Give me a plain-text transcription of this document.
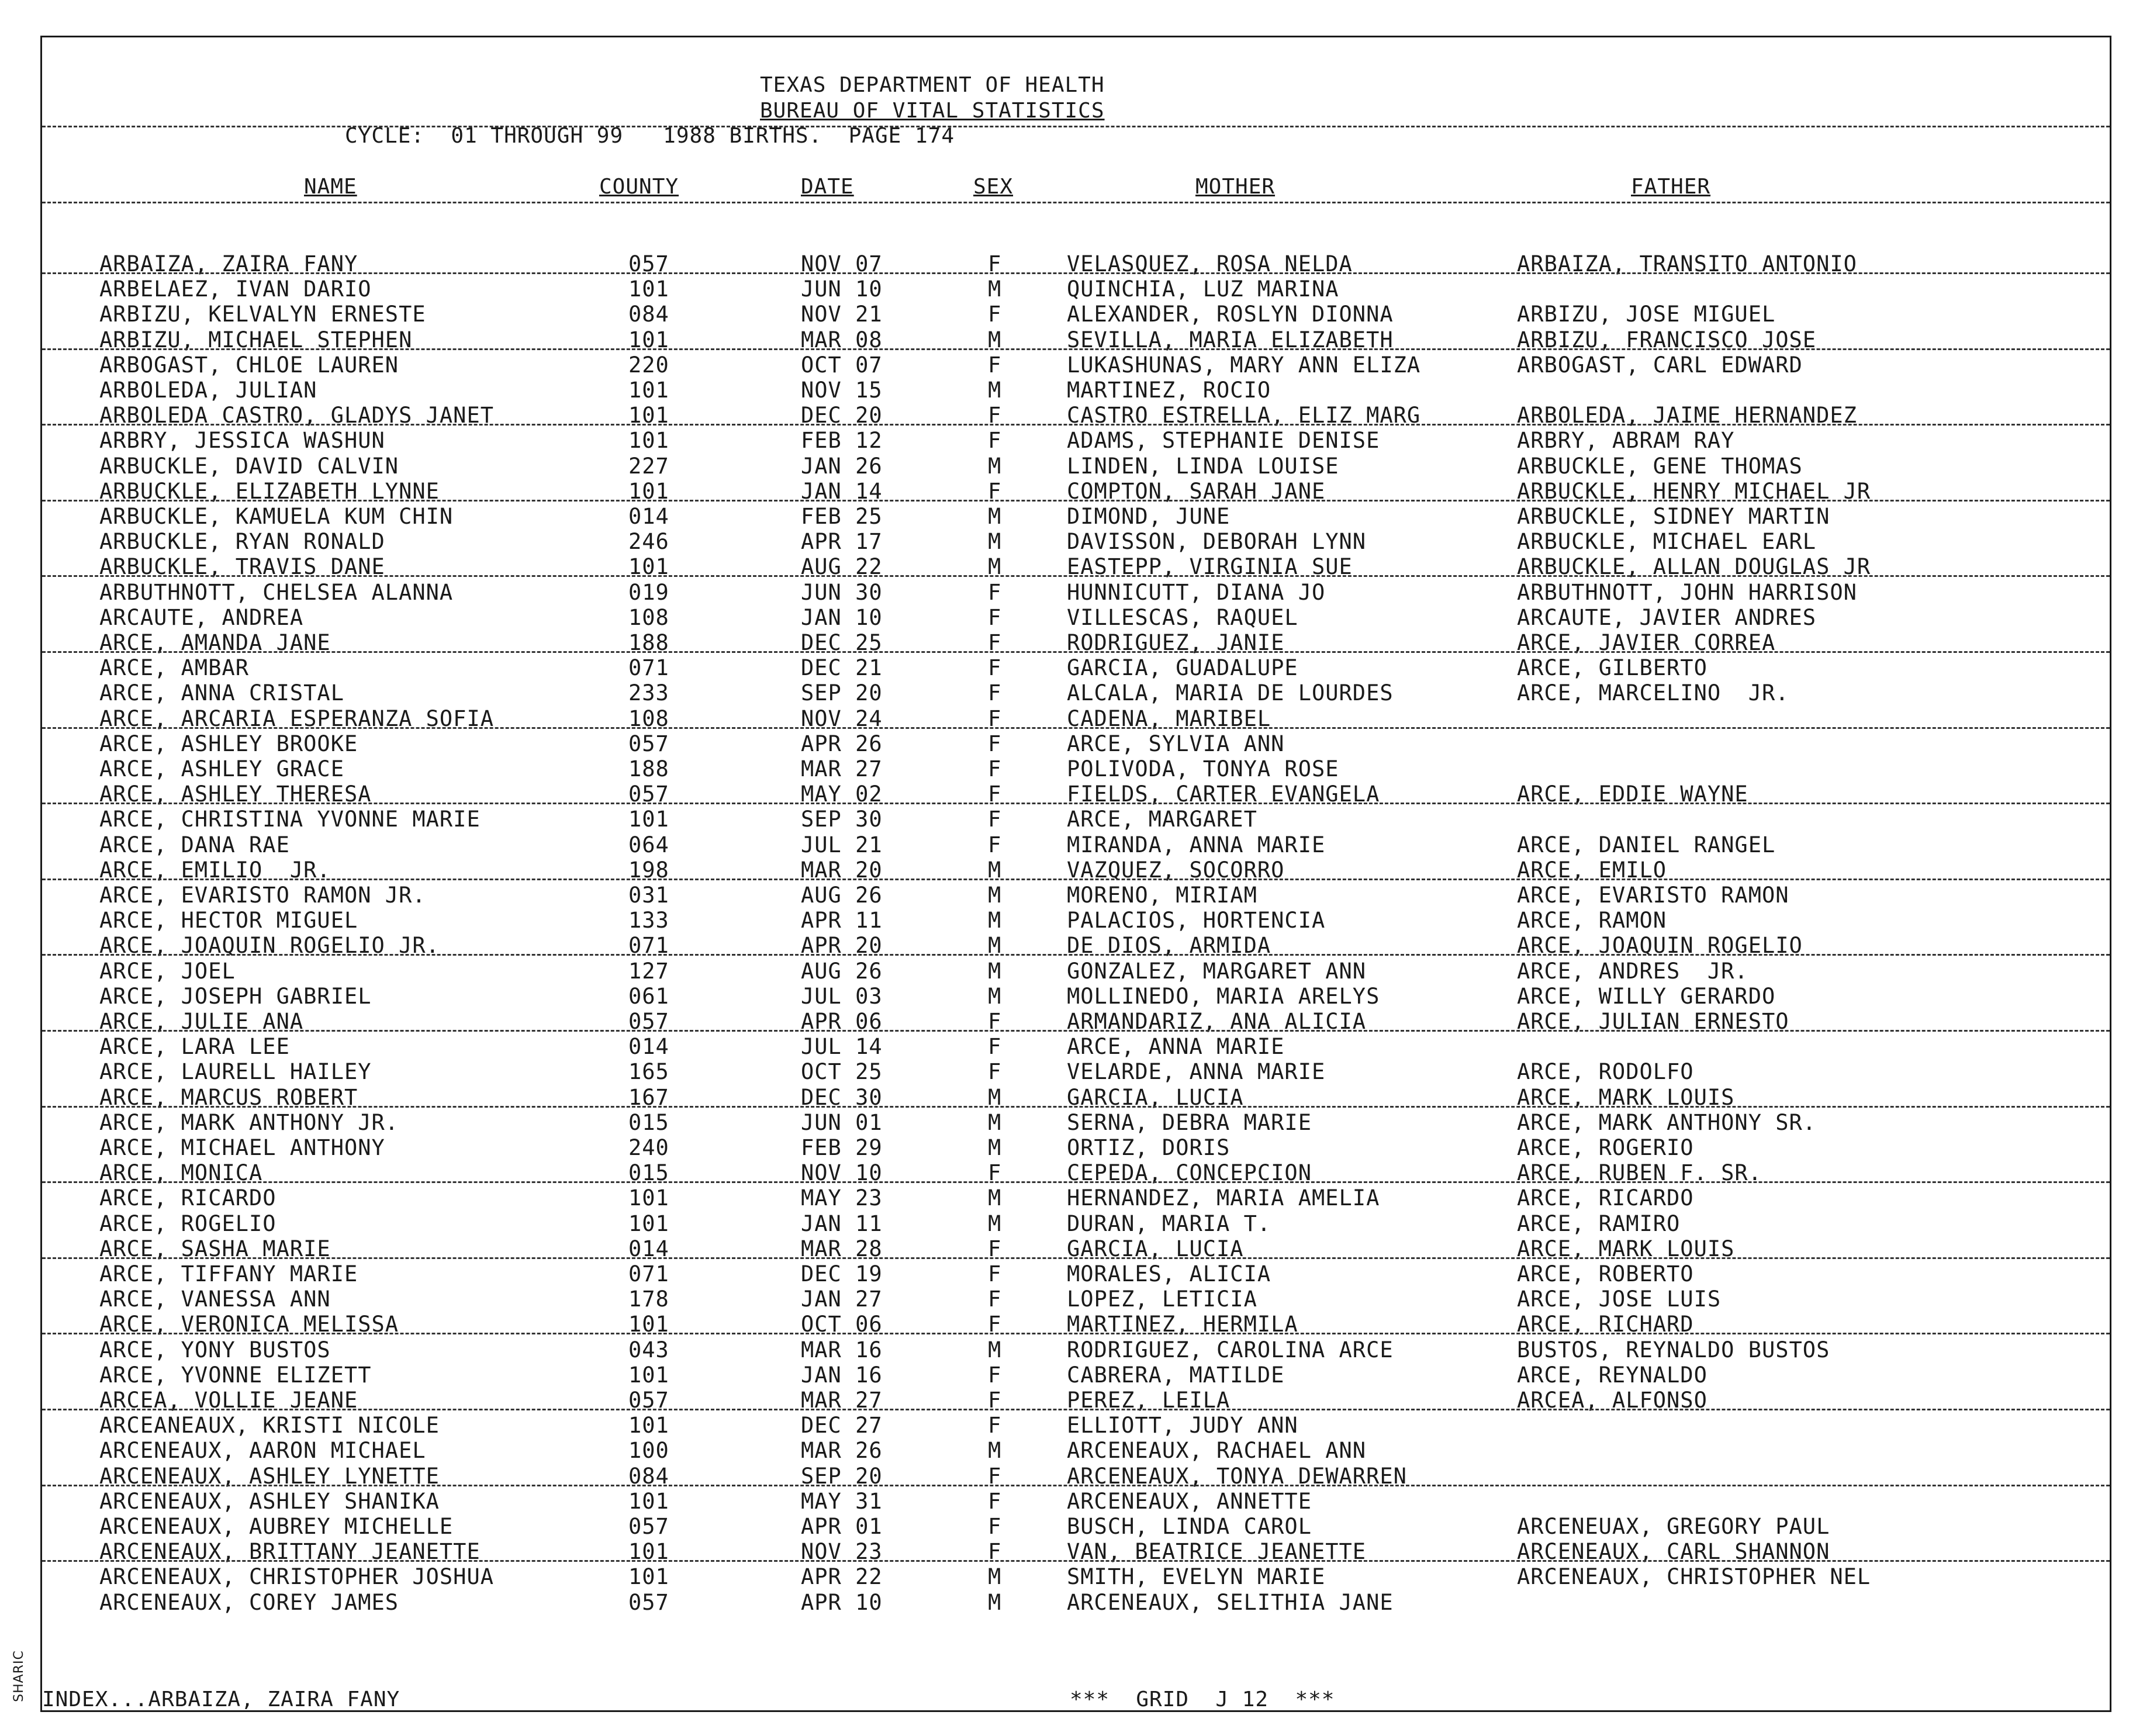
TEXAS DEPARTMENT OF HEALTH
BUREAU OF VITAL STATISTICS
CYCLE:  01 THROUGH 99   1988 BIRTHS.  PAGE 174
NAME	COUNTY	DATE	SEX	MOTHER	FATHER
ARBAIZA, ZAIRA FANY	057	NOV 07	F	VELASQUEZ, ROSA NELDA	ARBAIZA, TRANSITO ANTONIO
ARBELAEZ, IVAN DARIO	101	JUN 10	M	QUINCHIA, LUZ MARINA
ARBIZU, KELVALYN ERNESTE	084	NOV 21	F	ALEXANDER, ROSLYN DIONNA	ARBIZU, JOSE MIGUEL
ARBIZU, MICHAEL STEPHEN	101	MAR 08	M	SEVILLA, MARIA ELIZABETH	ARBIZU, FRANCISCO JOSE
ARBOGAST, CHLOE LAUREN	220	OCT 07	F	LUKASHUNAS, MARY ANN ELIZA	ARBOGAST, CARL EDWARD
ARBOLEDA, JULIAN	101	NOV 15	M	MARTINEZ, ROCIO
ARBOLEDA CASTRO, GLADYS JANET	101	DEC 20	F	CASTRO ESTRELLA, ELIZ MARG	ARBOLEDA, JAIME HERNANDEZ
ARBRY, JESSICA WASHUN	101	FEB 12	F	ADAMS, STEPHANIE DENISE	ARBRY, ABRAM RAY
ARBUCKLE, DAVID CALVIN	227	JAN 26	M	LINDEN, LINDA LOUISE	ARBUCKLE, GENE THOMAS
ARBUCKLE, ELIZABETH LYNNE	101	JAN 14	F	COMPTON, SARAH JANE	ARBUCKLE, HENRY MICHAEL JR
ARBUCKLE, KAMUELA KUM CHIN	014	FEB 25	M	DIMOND, JUNE	ARBUCKLE, SIDNEY MARTIN
ARBUCKLE, RYAN RONALD	246	APR 17	M	DAVISSON, DEBORAH LYNN	ARBUCKLE, MICHAEL EARL
ARBUCKLE, TRAVIS DANE	101	AUG 22	M	EASTEPP, VIRGINIA SUE	ARBUCKLE, ALLAN DOUGLAS JR
ARBUTHNOTT, CHELSEA ALANNA	019	JUN 30	F	HUNNICUTT, DIANA JO	ARBUTHNOTT, JOHN HARRISON
ARCAUTE, ANDREA	108	JAN 10	F	VILLESCAS, RAQUEL	ARCAUTE, JAVIER ANDRES
ARCE, AMANDA JANE	188	DEC 25	F	RODRIGUEZ, JANIE	ARCE, JAVIER CORREA
ARCE, AMBAR	071	DEC 21	F	GARCIA, GUADALUPE	ARCE, GILBERTO
ARCE, ANNA CRISTAL	233	SEP 20	F	ALCALA, MARIA DE LOURDES	ARCE, MARCELINO  JR.
ARCE, ARCARIA ESPERANZA SOFIA	108	NOV 24	F	CADENA, MARIBEL
ARCE, ASHLEY BROOKE	057	APR 26	F	ARCE, SYLVIA ANN
ARCE, ASHLEY GRACE	188	MAR 27	F	POLIVODA, TONYA ROSE
ARCE, ASHLEY THERESA	057	MAY 02	F	FIELDS, CARTER EVANGELA	ARCE, EDDIE WAYNE
ARCE, CHRISTINA YVONNE MARIE	101	SEP 30	F	ARCE, MARGARET
ARCE, DANA RAE	064	JUL 21	F	MIRANDA, ANNA MARIE	ARCE, DANIEL RANGEL
ARCE, EMILIO  JR.	198	MAR 20	M	VAZQUEZ, SOCORRO	ARCE, EMILO
ARCE, EVARISTO RAMON JR.	031	AUG 26	M	MORENO, MIRIAM	ARCE, EVARISTO RAMON
ARCE, HECTOR MIGUEL	133	APR 11	M	PALACIOS, HORTENCIA	ARCE, RAMON
ARCE, JOAQUIN ROGELIO JR.	071	APR 20	M	DE DIOS, ARMIDA	ARCE, JOAQUIN ROGELIO
ARCE, JOEL	127	AUG 26	M	GONZALEZ, MARGARET ANN	ARCE, ANDRES  JR.
ARCE, JOSEPH GABRIEL	061	JUL 03	M	MOLLINEDO, MARIA ARELYS	ARCE, WILLY GERARDO
ARCE, JULIE ANA	057	APR 06	F	ARMANDARIZ, ANA ALICIA	ARCE, JULIAN ERNESTO
ARCE, LARA LEE	014	JUL 14	F	ARCE, ANNA MARIE
ARCE, LAURELL HAILEY	165	OCT 25	F	VELARDE, ANNA MARIE	ARCE, RODOLFO
ARCE, MARCUS ROBERT	167	DEC 30	M	GARCIA, LUCIA	ARCE, MARK LOUIS
ARCE, MARK ANTHONY JR.	015	JUN 01	M	SERNA, DEBRA MARIE	ARCE, MARK ANTHONY SR.
ARCE, MICHAEL ANTHONY	240	FEB 29	M	ORTIZ, DORIS	ARCE, ROGERIO
ARCE, MONICA	015	NOV 10	F	CEPEDA, CONCEPCION	ARCE, RUBEN F. SR.
ARCE, RICARDO	101	MAY 23	M	HERNANDEZ, MARIA AMELIA	ARCE, RICARDO
ARCE, ROGELIO	101	JAN 11	M	DURAN, MARIA T.	ARCE, RAMIRO
ARCE, SASHA MARIE	014	MAR 28	F	GARCIA, LUCIA	ARCE, MARK LOUIS
ARCE, TIFFANY MARIE	071	DEC 19	F	MORALES, ALICIA	ARCE, ROBERTO
ARCE, VANESSA ANN	178	JAN 27	F	LOPEZ, LETICIA	ARCE, JOSE LUIS
ARCE, VERONICA MELISSA	101	OCT 06	F	MARTINEZ, HERMILA	ARCE, RICHARD
ARCE, YONY BUSTOS	043	MAR 16	M	RODRIGUEZ, CAROLINA ARCE	BUSTOS, REYNALDO BUSTOS
ARCE, YVONNE ELIZETT	101	JAN 16	F	CABRERA, MATILDE	ARCE, REYNALDO
ARCEA, VOLLIE JEANE	057	MAR 27	F	PEREZ, LEILA	ARCEA, ALFONSO
ARCEANEAUX, KRISTI NICOLE	101	DEC 27	F	ELLIOTT, JUDY ANN
ARCENEAUX, AARON MICHAEL	100	MAR 26	M	ARCENEAUX, RACHAEL ANN
ARCENEAUX, ASHLEY LYNETTE	084	SEP 20	F	ARCENEAUX, TONYA DEWARREN
ARCENEAUX, ASHLEY SHANIKA	101	MAY 31	F	ARCENEAUX, ANNETTE
ARCENEAUX, AUBREY MICHELLE	057	APR 01	F	BUSCH, LINDA CAROL	ARCENEUAX, GREGORY PAUL
ARCENEAUX, BRITTANY JEANETTE	101	NOV 23	F	VAN, BEATRICE JEANETTE	ARCENEAUX, CARL SHANNON
ARCENEAUX, CHRISTOPHER JOSHUA	101	APR 22	M	SMITH, EVELYN MARIE	ARCENEAUX, CHRISTOPHER NEL
ARCENEAUX, COREY JAMES	057	APR 10	M	ARCENEAUX, SELITHIA JANE
INDEX...ARBAIZA, ZAIRA FANY	***  GRID  J 12  ***
SHARIC
